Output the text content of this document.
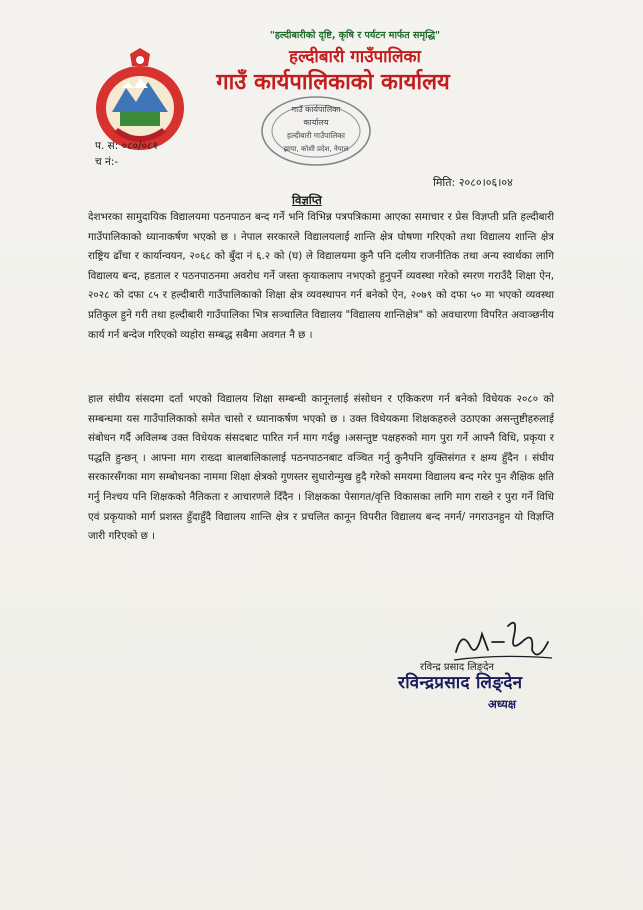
"हल्दीबारीको दृष्टि, कृषि र पर्यटन मार्फत समृद्धि"
हल्दीबारी गाउँपालिका
गाउँ कार्यपालिकाको कार्यालय
गाउँ कार्यपालिका
कार्यालय
हल्दीबारी गाउँपालिका
झापा, कोशी प्रदेश, नेपाल
प. सं: ०८०/०८१
च नं:-
मिति: २०८०।०६।०४
विज्ञप्ति
देशभरका सामुदायिक विद्यालयमा पठनपाठन बन्द गर्ने भनि विभिन्न पत्रपत्रिकामा आएका समाचार र प्रेस विज्ञप्ती प्रति हल्दीबारी गाउँपालिकाको ध्यानाकर्षण भएको छ । नेपाल सरकारले विद्यालयलाई शान्ति क्षेत्र घोषणा गरिएको तथा विद्यालय शान्ति क्षेत्र राष्ट्रिय ढाँचा र कार्यान्वयन, २०६८ को बुँदा नं ६.२ को (घ) ले विद्यालयमा कुनै पनि दलीय राजनीतिक तथा अन्य स्वार्थका लागि विद्यालय बन्द, हडताल र पठनपाठनमा अवरोध गर्ने जस्ता कृयाकलाप नभएको हुनुपर्ने व्यवस्था गरेको स्मरण गराउँदै शिक्षा ऐन, २०२८ को दफा ८५ र हल्दीबारी गाउँपालिकाको शिक्षा क्षेत्र व्यवस्थापन गर्न बनेको ऐन, २०७९ को दफा ५० मा भएको व्यवस्था प्रतिकुल हुने गरी तथा हल्दीबारी गाउँपालिका भित्र सञ्चालित विद्यालय "विद्यालय शान्तिक्षेत्र" को अवधारणा विपरित अवाञ्छनीय कार्य गर्न बन्देज गरिएको व्यहोरा सम्बद्ध सबैमा अवगत नै छ ।
हाल संघीय संसदमा दर्ता भएको विद्यालय शिक्षा सम्बन्धी कानूनलाई संसोधन र एकिकरण गर्न बनेको विधेयक २०८० को सम्बन्धमा यस गाउँपालिकाको समेत चासो र ध्यानाकर्षण भएको छ । उक्त विधेयकमा शिक्षकहरुले उठाएका असन्तुष्टीहरुलाई संबोधन गर्दै अविलम्ब उक्त विधेयक संसदबाट पारित गर्न माग गर्दछु ।असन्तुष्ट पक्षहरुको माग पुरा गर्ने आफ्नै विधि, प्रकृया र पद्धति हुन्छन् । आफ्ना माग राख्दा बालबालिकालाई पठनपाठनबाट वञ्चित गर्नु कुनैपनि युक्तिसंगत र क्षम्य हुँदैन । संघीय सरकारसँगका माग सम्बोधनका नाममा शिक्षा क्षेत्रको गुणस्तर सुधारोन्मुख हुदै गरेको समयमा विद्यालय बन्द गरेर पुन शैक्षिक क्षति गर्नु निश्चय पनि शिक्षकको नैतिकता र आचारणले दिँदैन । शिक्षकका पेसागत/वृत्ति विकासका लागि माग राख्ने र पुरा गर्ने विधि एवं प्रकृयाको मार्ग प्रशस्त हुँदाहुँदै विद्यालय शान्ति क्षेत्र र प्रचलित कानून विपरीत विद्यालय बन्द नगर्न/ नगराउनहुन यो विज्ञप्ति जारी गरिएको छ ।
रविन्द्र प्रसाद लिङ्देन
रविन्द्रप्रसाद लिङ्देन
अध्यक्ष
